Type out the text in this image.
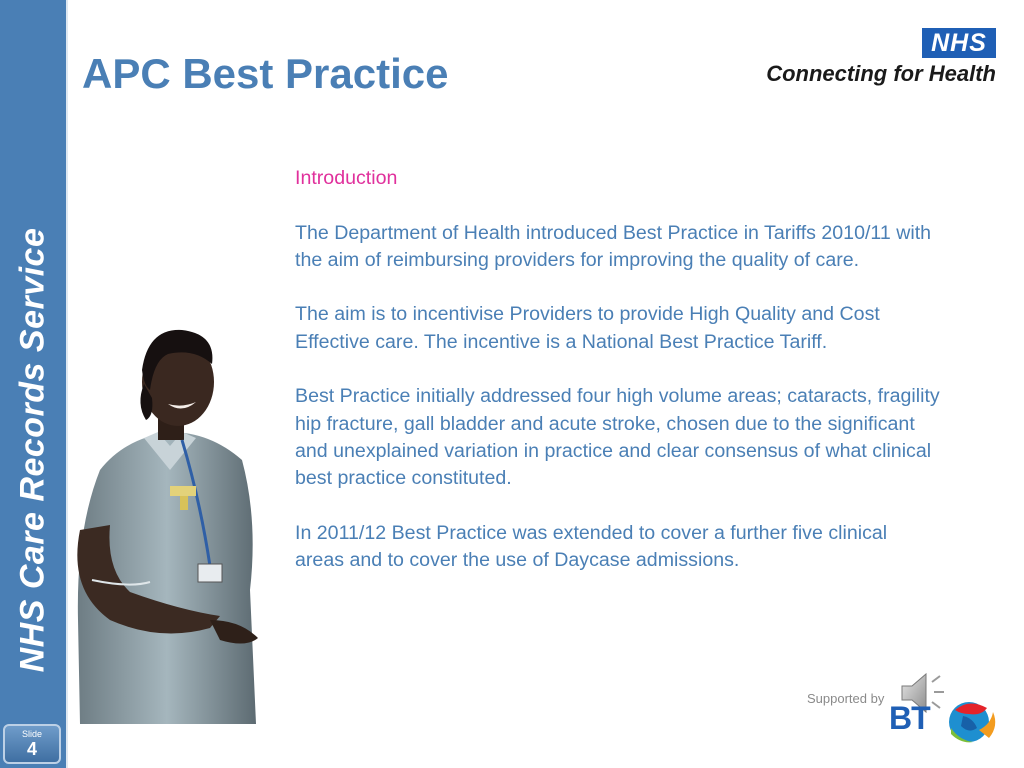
NHS Care Records Service
Slide
4
APC Best Practice
NHS
Connecting for Health

Introduction

The Department of Health introduced Best Practice in Tariffs 2010/11 with the aim of reimbursing providers for improving the quality of care.

The aim is to incentivise Providers to provide High Quality and Cost Effective care. The incentive is a National Best Practice Tariff.

Best Practice initially addressed four high volume areas; cataracts, fragility hip fracture, gall bladder and acute stroke, chosen due to the significant and unexplained variation in practice and clear consensus of what clinical best practice constituted.

In 2011/12 Best Practice was extended to cover a further five clinical areas and to cover the use of Daycase admissions.

Supported by
BT
